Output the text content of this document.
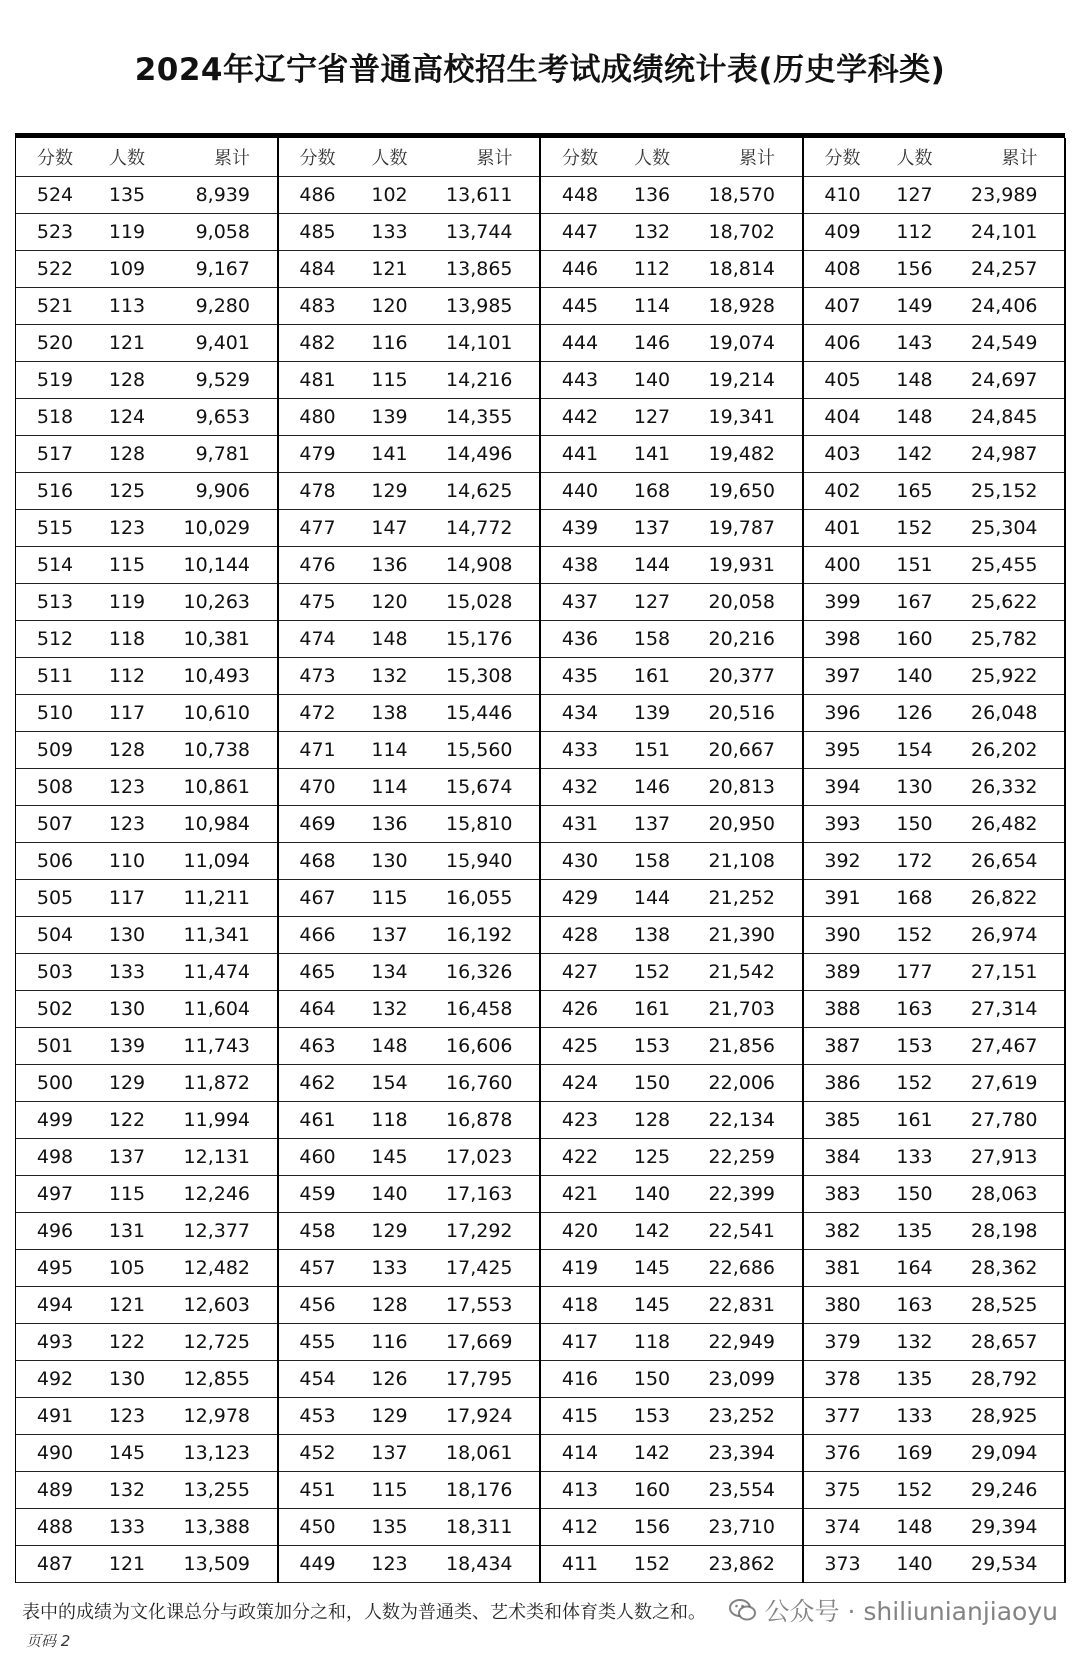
2024年辽宁省普通高校招生考试成绩统计表(历史学科类)
分数	人数	累计
524	135	8,939
523	119	9,058
522	109	9,167
521	113	9,280
520	121	9,401
519	128	9,529
518	124	9,653
517	128	9,781
516	125	9,906
515	123	10,029
514	115	10,144
513	119	10,263
512	118	10,381
511	112	10,493
510	117	10,610
509	128	10,738
508	123	10,861
507	123	10,984
506	110	11,094
505	117	11,211
504	130	11,341
503	133	11,474
502	130	11,604
501	139	11,743
500	129	11,872
499	122	11,994
498	137	12,131
497	115	12,246
496	131	12,377
495	105	12,482
494	121	12,603
493	122	12,725
492	130	12,855
491	123	12,978
490	145	13,123
489	132	13,255
488	133	13,388
487	121	13,509
分数	人数	累计
486	102	13,611
485	133	13,744
484	121	13,865
483	120	13,985
482	116	14,101
481	115	14,216
480	139	14,355
479	141	14,496
478	129	14,625
477	147	14,772
476	136	14,908
475	120	15,028
474	148	15,176
473	132	15,308
472	138	15,446
471	114	15,560
470	114	15,674
469	136	15,810
468	130	15,940
467	115	16,055
466	137	16,192
465	134	16,326
464	132	16,458
463	148	16,606
462	154	16,760
461	118	16,878
460	145	17,023
459	140	17,163
458	129	17,292
457	133	17,425
456	128	17,553
455	116	17,669
454	126	17,795
453	129	17,924
452	137	18,061
451	115	18,176
450	135	18,311
449	123	18,434
分数	人数	累计
448	136	18,570
447	132	18,702
446	112	18,814
445	114	18,928
444	146	19,074
443	140	19,214
442	127	19,341
441	141	19,482
440	168	19,650
439	137	19,787
438	144	19,931
437	127	20,058
436	158	20,216
435	161	20,377
434	139	20,516
433	151	20,667
432	146	20,813
431	137	20,950
430	158	21,108
429	144	21,252
428	138	21,390
427	152	21,542
426	161	21,703
425	153	21,856
424	150	22,006
423	128	22,134
422	125	22,259
421	140	22,399
420	142	22,541
419	145	22,686
418	145	22,831
417	118	22,949
416	150	23,099
415	153	23,252
414	142	23,394
413	160	23,554
412	156	23,710
411	152	23,862
分数	人数	累计
410	127	23,989
409	112	24,101
408	156	24,257
407	149	24,406
406	143	24,549
405	148	24,697
404	148	24,845
403	142	24,987
402	165	25,152
401	152	25,304
400	151	25,455
399	167	25,622
398	160	25,782
397	140	25,922
396	126	26,048
395	154	26,202
394	130	26,332
393	150	26,482
392	172	26,654
391	168	26,822
390	152	26,974
389	177	27,151
388	163	27,314
387	153	27,467
386	152	27,619
385	161	27,780
384	133	27,913
383	150	28,063
382	135	28,198
381	164	28,362
380	163	28,525
379	132	28,657
378	135	28,792
377	133	28,925
376	169	29,094
375	152	29,246
374	148	29,394
373	140	29,534
表中的成绩为文化课总分与政策加分之和，人数为普通类、艺术类和体育类人数之和。
页码 2
公众号 · shiliunianjiaoyu
